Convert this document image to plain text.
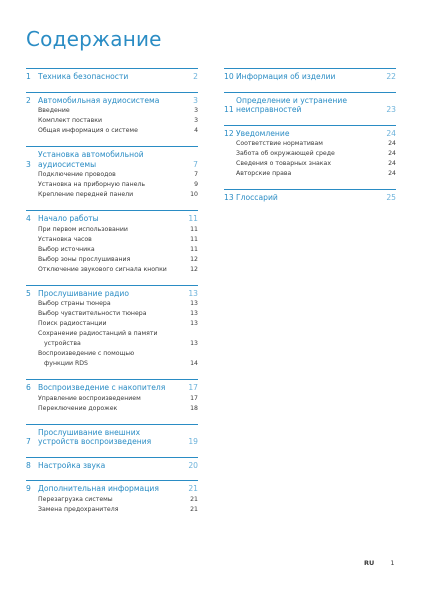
Содержание
1 Техника безопасности	2
2 Автомобильная аудиосистема	3
Введение	3
Комплект поставки	3
Общая информация о системе	4
3
Установка автомобильной
аудиосистемы	7
Подключение проводов	7
Установка на приборную панель	9
Крепление передней панели	10
4 Начало работы	11
При первом использовании	11
Установка часов	11
Выбор источника	11
Выбор зоны прослушивания	12
Отключение звукового сигнала кнопки	12
5 Прослушивание радио	13
Выбор страны тюнера	13
Выбор чувствительности тюнера	13
Поиск радиостанции	13
Сохранение радиостанций в памяти
устройства	13
Воспроизведение с помощью
функции RDS	14
6 Воспроизведение с накопителя	17
Управление воспроизведением	17
Переключение дорожек	18
7
Прослушивание внешних
устройств воспроизведения	19
8 Настройка звука	20
9 Дополнительная информация	21
Перезагрузка системы	21
Замена предохранителя	21
10 Информация об изделии	22
11
Определение и устранение
неисправностей	23
12 Уведомление	24
Соответствие нормативам	24
Забота об окружающей среде	24
Сведения о товарных знаках	24
Авторские права	24
13 Глоссарий	25
RU 1
